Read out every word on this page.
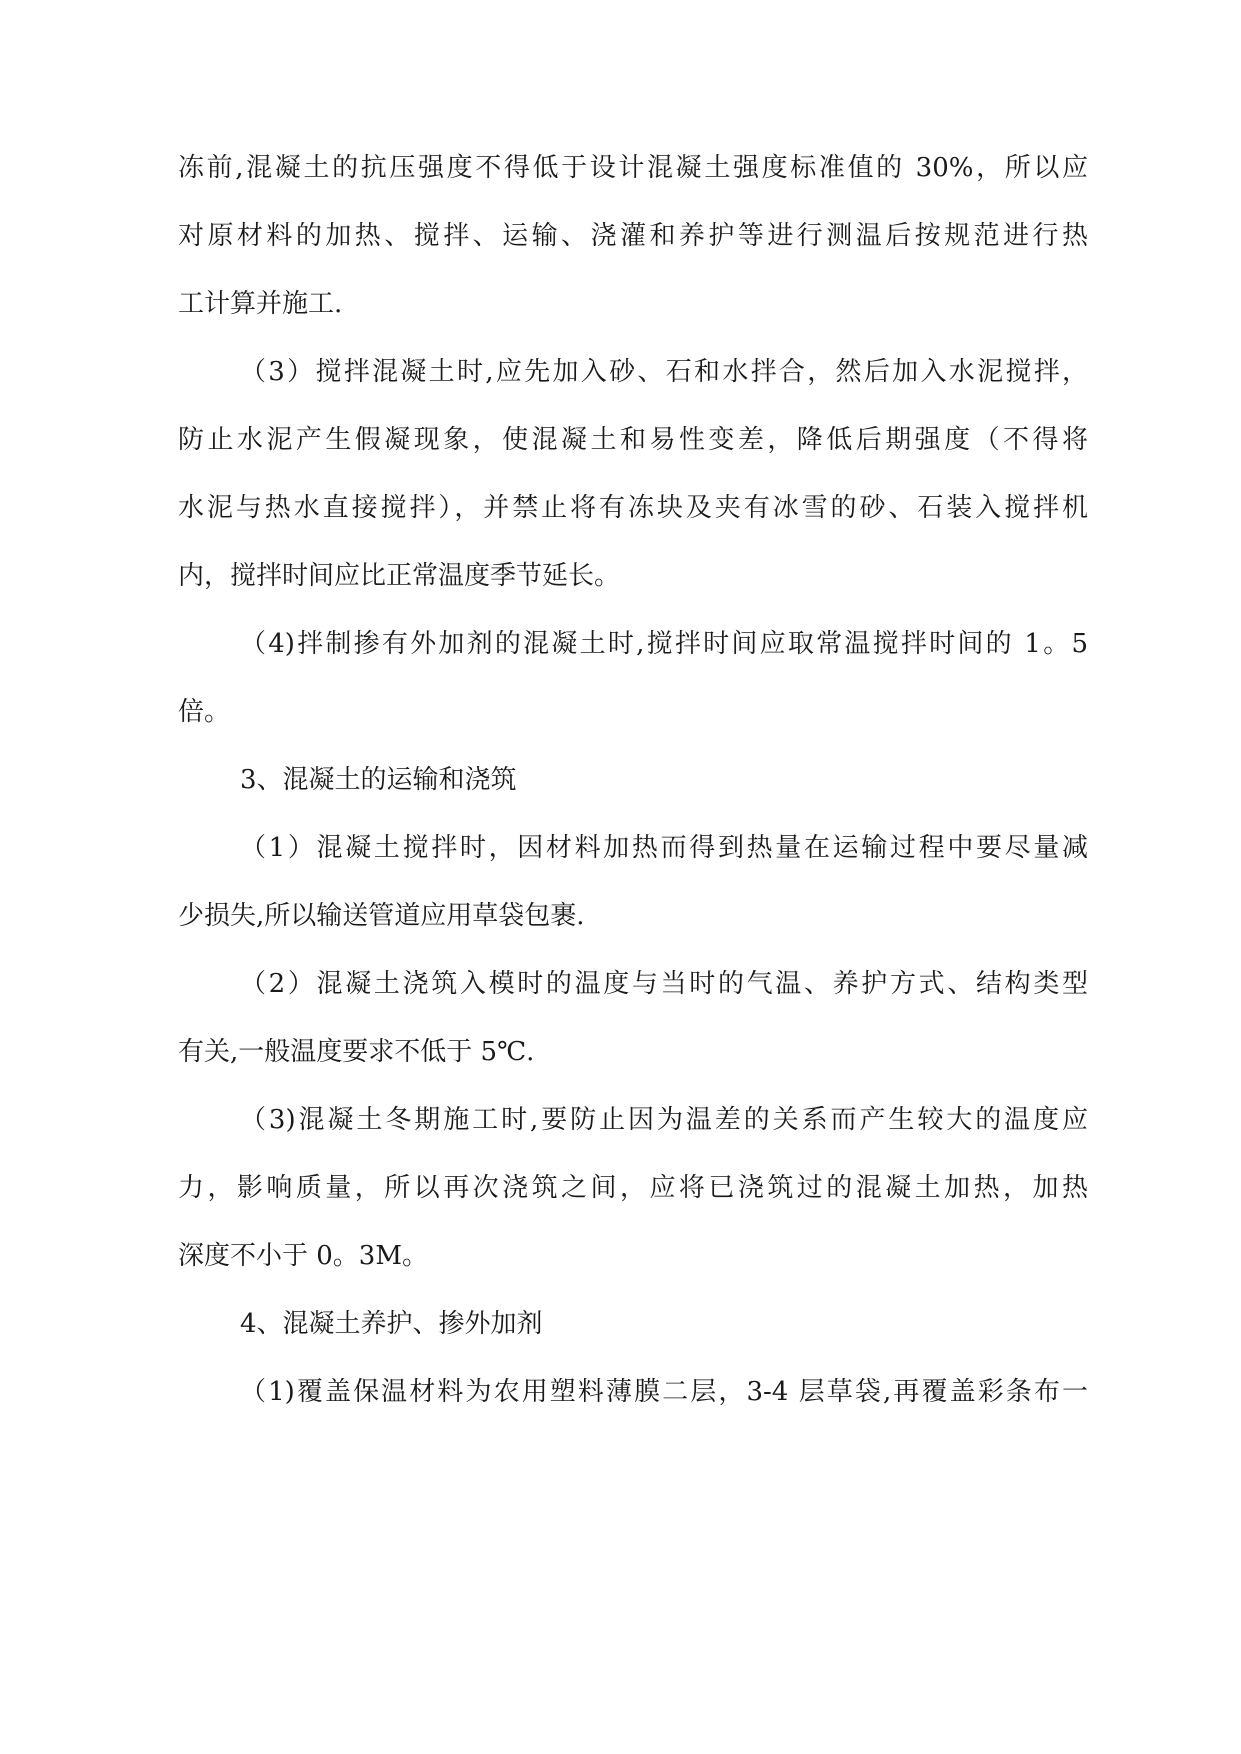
冻前,混凝土的抗压强度不得低于设计混凝土强度标准值的 30%，所以应
对原材料的加热、搅拌、运输、浇灌和养护等进行测温后按规范进行热
工计算并施工.
（3）搅拌混凝土时,应先加入砂、石和水拌合，然后加入水泥搅拌，
防止水泥产生假凝现象，使混凝土和易性变差，降低后期强度（不得将
水泥与热水直接搅拌），并禁止将有冻块及夹有冰雪的砂、石装入搅拌机
内，搅拌时间应比正常温度季节延长。
（4)拌制掺有外加剂的混凝土时,搅拌时间应取常温搅拌时间的 1。5
倍。
3、混凝土的运输和浇筑
（1）混凝土搅拌时，因材料加热而得到热量在运输过程中要尽量减
少损失,所以输送管道应用草袋包裹.
（2）混凝土浇筑入模时的温度与当时的气温、养护方式、结构类型
有关,一般温度要求不低于 5℃.
（3)混凝土冬期施工时,要防止因为温差的关系而产生较大的温度应
力，影响质量，所以再次浇筑之间，应将已浇筑过的混凝土加热，加热
深度不小于 0。3M。
4、混凝土养护、掺外加剂
（1)覆盖保温材料为农用塑料薄膜二层，3-4 层草袋,再覆盖彩条布一
